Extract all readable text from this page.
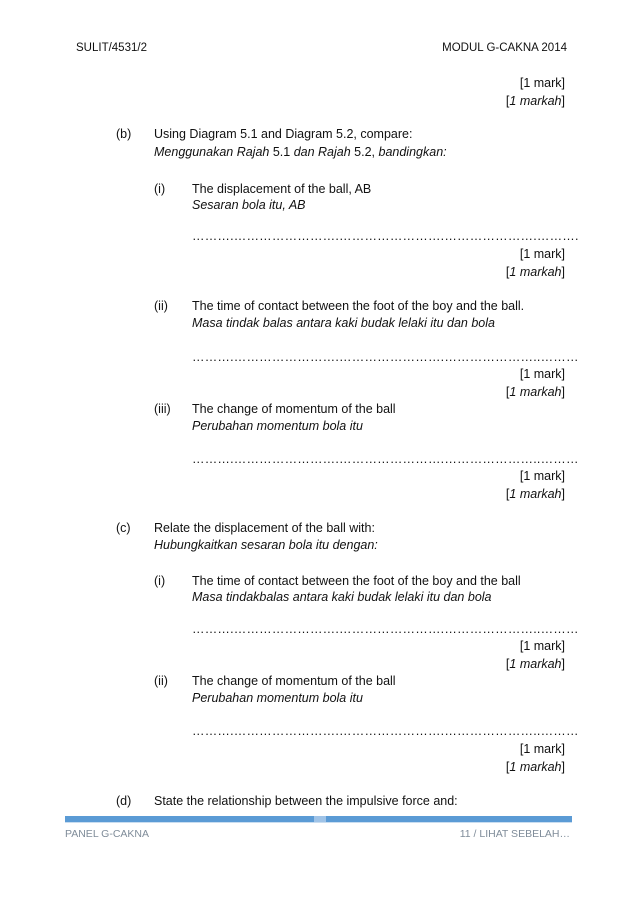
SULIT/4531/2	MODUL G-CAKNA 2014
[1 mark]
[1 markah]
(b) Using Diagram 5.1 and Diagram 5.2, compare:
Menggunakan Rajah 5.1 dan Rajah 5.2, bandingkan:
(i) The displacement of the ball, AB
Sesaran bola itu, AB
……….…………………….…………………….………………….……….
[1 mark]
[1 markah]
(ii) The time of contact between the foot of the boy and the ball.
Masa tindak balas antara kaki budak lelaki itu dan bola
……….…………………….…………………….…………………..………
[1 mark]
[1 markah]
(iii) The change of momentum of the ball
Perubahan momentum bola itu
……….…………………….…………………….…………………..………
[1 mark]
[1 markah]
(c) Relate the displacement of the ball with:
Hubungkaitkan sesaran bola itu dengan:
(i) The time of contact between the foot of the boy and the ball
Masa tindakbalas antara kaki budak lelaki itu dan bola
……….…………………….…………………….…………………..………
[1 mark]
[1 markah]
(ii) The change of momentum of the ball
Perubahan momentum bola itu
……….…………………….…………………….…………………..………
[1 mark]
[1 markah]
(d) State the relationship between the impulsive force and:
PANEL G-CAKNA	11 / LIHAT SEBELAH…
